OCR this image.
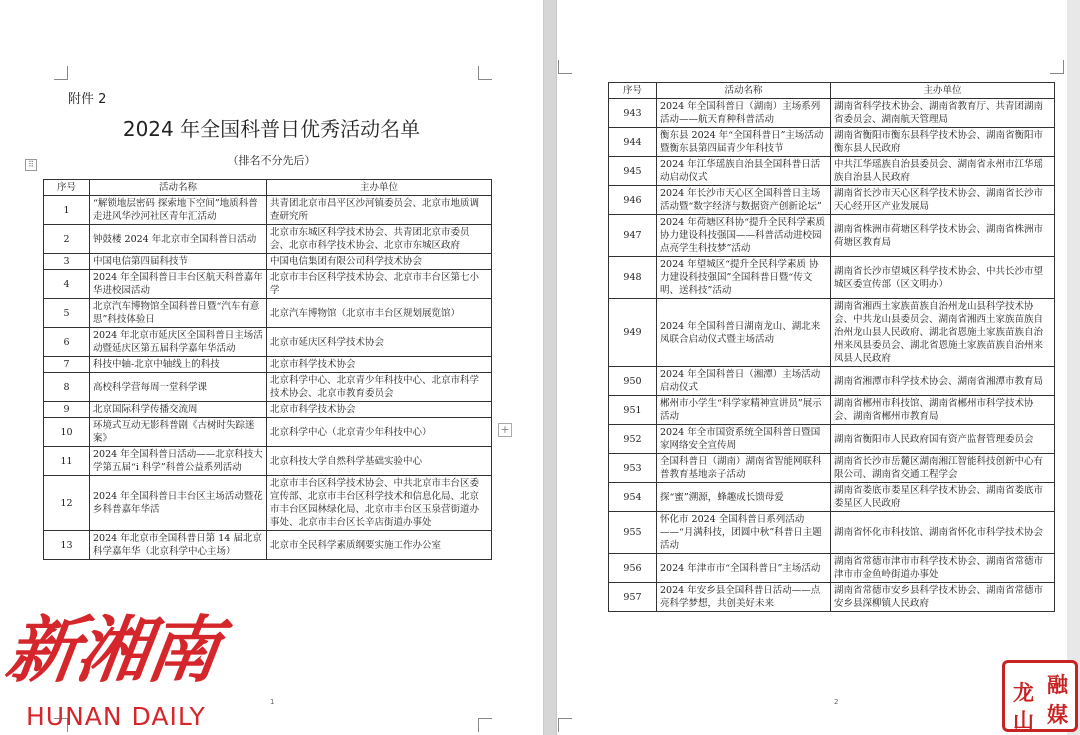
附件 2
2024 年全国科普日优秀活动名单
（排名不分先后）
⠿
+
序号	活动名称	主办单位
1	“解锁地层密码 探索地下空间”地质科普走进风华沙河社区青年汇活动	共青团北京市昌平区沙河镇委员会、北京市地质调查研究所
2	钟鼓楼 2024 年北京市全国科普日活动	北京市东城区科学技术协会、共青团北京市委员会、北京市科学技术协会、北京市东城区政府
3	中国电信第四届科技节	中国电信集团有限公司科学技术协会
4	2024 年全国科普日丰台区航天科普嘉年华进校园活动	北京市丰台区科学技术协会、北京市丰台区第七小学
5	北京汽车博物馆全国科普日暨“汽车有意思”科技体验日	北京汽车博物馆（北京市丰台区规划展览馆）
6	2024 年北京市延庆区全国科普日主场活动暨延庆区第五届科学嘉年华活动	北京市延庆区科学技术协会
7	科技中轴-北京中轴线上的科技	北京市科学技术协会
8	高校科学营每周一堂科学课	北京科学中心、北京青少年科技中心、北京市科学技术协会、北京市教育委员会
9	北京国际科学传播交流周	北京市科学技术协会
10	环境式互动无影科普剧《古树时失踪迷案》	北京科学中心（北京青少年科技中心）
11	2024 年全国科普日活动——北京科技大学第五届“i 科学”科普公益系列活动	北京科技大学自然科学基础实验中心
12	2024 年全国科普日丰台区主场活动暨花乡科普嘉年华活	北京市丰台区科学技术协会、中共北京市丰台区委宣传部、北京市丰台区科学技术和信息化局、北京市丰台区园林绿化局、北京市丰台区玉泉营街道办事处、北京市丰台区长辛店街道办事处
13	2024 年北京市全国科普日第 14 届北京科学嘉年华（北京科学中心主场）	北京市全民科学素质纲要实施工作办公室
1
新湘南
HUNAN DAILY
序号	活动名称	主办单位
943	2024 年全国科普日（湖南）主场系列活动——航天育种科普活动	湖南省科学技术协会、湖南省教育厅、共青团湖南省委员会、湖南航天管理局
944	衡东县 2024 年“全国科普日”主场活动暨衡东县第四届青少年科技节	湖南省衡阳市衡东县科学技术协会、湖南省衡阳市衡东县人民政府
945	2024 年江华瑶族自治县全国科普日活动启动仪式	中共江华瑶族自治县委员会、湖南省永州市江华瑶族自治县人民政府
946	2024 年长沙市天心区全国科普日主场活动暨“数字经济与数据资产创新论坛”	湖南省长沙市天心区科学技术协会、湖南省长沙市天心经开区产业发展局
947	2024 年荷塘区科协“提升全民科学素质 协力建设科技强国——科普活动进校园 点亮学生科技梦”活动	湖南省株洲市荷塘区科学技术协会、湖南省株洲市荷塘区教育局
948	2024 年望城区“提升全民科学素质 协力建设科技强国”全国科普日暨“传文明、送科技”活动	湖南省长沙市望城区科学技术协会、中共长沙市望城区委宣传部（区文明办）
949	2024 年全国科普日湖南龙山、湖北来凤联合启动仪式暨主场活动	湖南省湘西土家族苗族自治州龙山县科学技术协会、中共龙山县委员会、湖南省湘西土家族苗族自治州龙山县人民政府、湖北省恩施土家族苗族自治州来凤县委员会、湖北省恩施土家族苗族自治州来凤县人民政府
950	2024 年全国科普日（湘潭）主场活动启动仪式	湖南省湘潭市科学技术协会、湖南省湘潭市教育局
951	郴州市小学生“科学家精神宣讲员”展示活动	湖南省郴州市科技馆、湖南省郴州市科学技术协会、湖南省郴州市教育局
952	2024 年全市国资系统全国科普日暨国家网络安全宣传周	湖南省衡阳市人民政府国有资产监督管理委员会
953	全国科普日（湖南）湖南省智能网联科普教育基地亲子活动	湖南省长沙市岳麓区湖南湘江智能科技创新中心有限公司、湖南省交通工程学会
954	探“蜜”溯源，蜂趣成长馈母爱	湖南省娄底市娄星区科学技术协会、湖南省娄底市娄星区人民政府
955	怀化市 2024 全国科普日系列活动——“月满科技，团圆中秋”科普日主题活动	湖南省怀化市科技馆、湖南省怀化市科学技术协会
956	2024 年津市市“全国科普日”主场活动	湖南省常德市津市市科学技术协会、湖南省常德市津市市金鱼岭街道办事处
957	2024 年安乡县全国科普日活动——点亮科学梦想，共创美好未来	湖南省常德市安乡县科学技术协会、湖南省常德市安乡县深柳镇人民政府
2
融
媒
龙
山
